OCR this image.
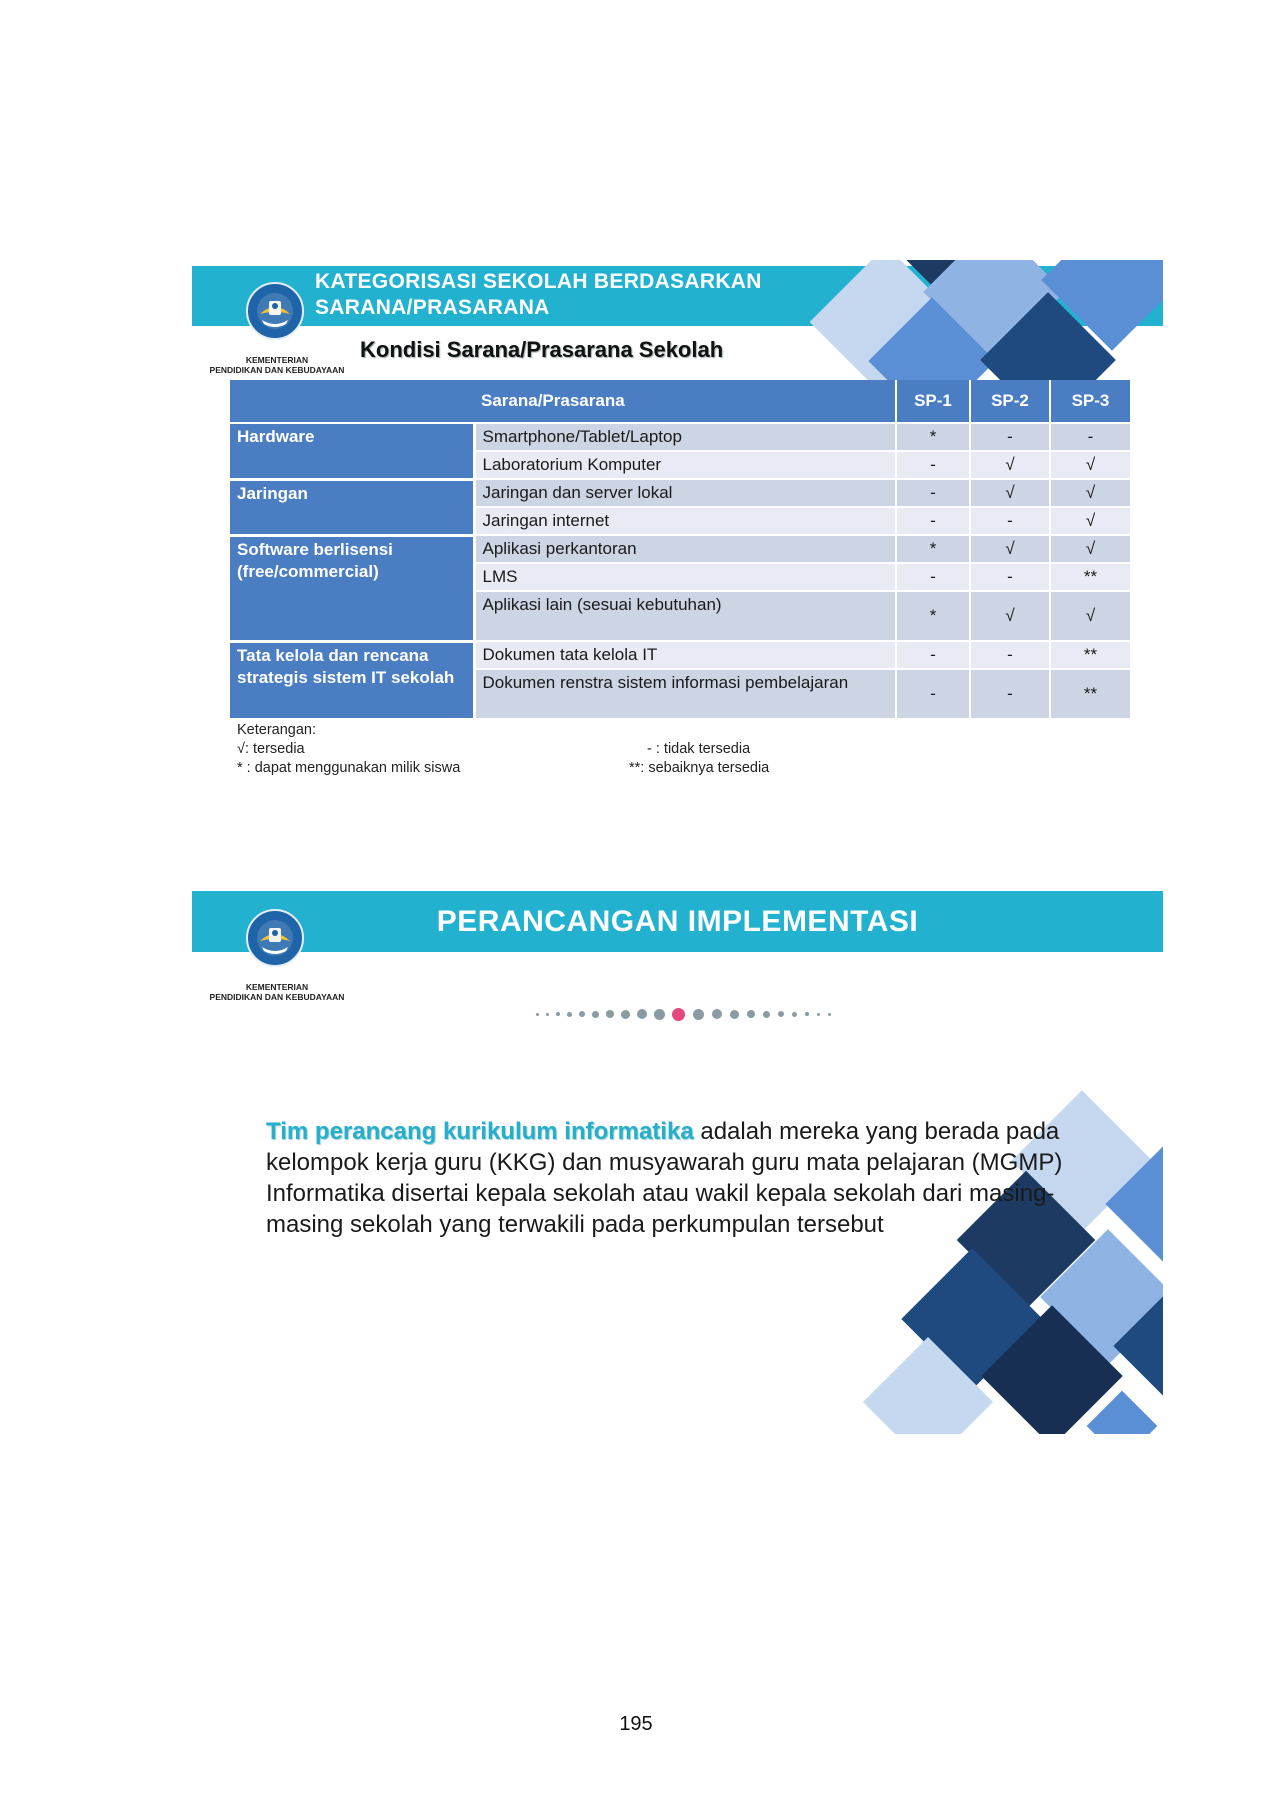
KATEGORISASI SEKOLAH BERDASARKAN
SARANA/PRASARANA
KEMENTERIAN
PENDIDIKAN DAN KEBUDAYAAN
Kondisi Sarana/Prasarana Sekolah
	Sarana/Prasarana	SP-1	SP-2	SP-3
Hardware	Smartphone/Tablet/Laptop	*	-	-
	Laboratorium Komputer	-	√	√
Jaringan	Jaringan dan server lokal	-	√	√
	Jaringan internet	-	-	√
Software berlisensi (free/commercial)	Aplikasi perkantoran	*	√	√
	LMS	-	-	**
	Aplikasi lain (sesuai kebutuhan)	*	√	√
Tata kelola dan rencana strategis sistem IT sekolah	Dokumen tata kelola IT	-	-	**
	Dokumen renstra sistem informasi pembelajaran	-	-	**
Keterangan:
√: tersedia
* : dapat menggunakan milik siswa
- : tidak tersedia
**: sebaiknya tersedia
PERANCANGAN IMPLEMENTASI
KEMENTERIAN
PENDIDIKAN DAN KEBUDAYAAN
Tim perancang kurikulum informatika adalah mereka yang berada pada kelompok kerja guru (KKG) dan musyawarah guru mata pelajaran (MGMP) Informatika disertai kepala sekolah atau wakil kepala sekolah dari masing-masing sekolah yang terwakili pada perkumpulan tersebut
195
